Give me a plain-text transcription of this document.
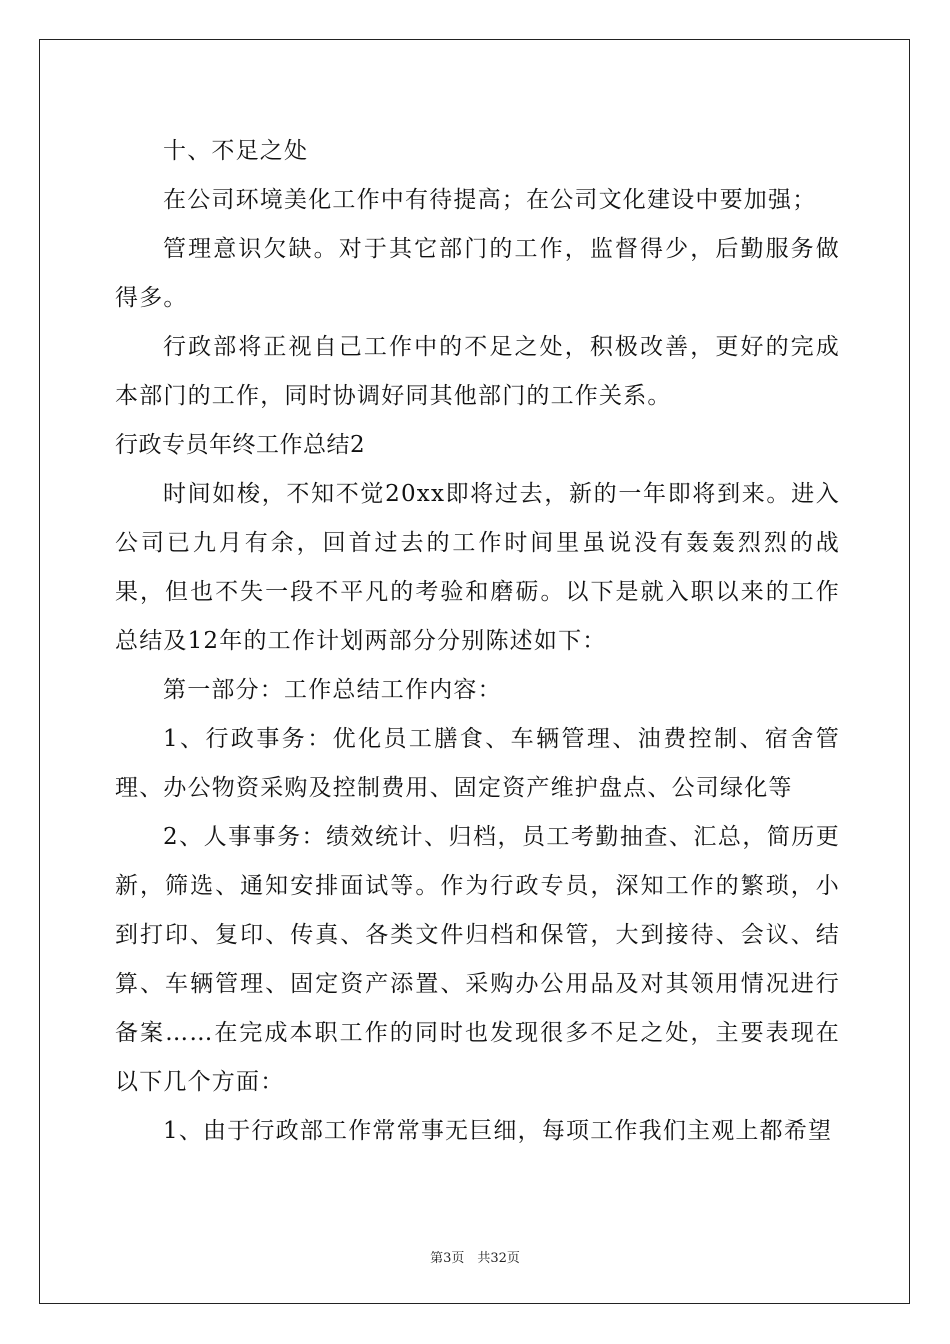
十、不足之处

在公司环境美化工作中有待提高；在公司文化建设中要加强；

管理意识欠缺。对于其它部门的工作，监督得少，后勤服务做得多。

行政部将正视自己工作中的不足之处，积极改善，更好的完成本部门的工作，同时协调好同其他部门的工作关系。

行政专员年终工作总结2

时间如梭，不知不觉20xx即将过去，新的一年即将到来。进入公司已九月有余，回首过去的工作时间里虽说没有轰轰烈烈的战果，但也不失一段不平凡的考验和磨砺。以下是就入职以来的工作总结及12年的工作计划两部分分别陈述如下：

第一部分：工作总结工作内容：

1、行政事务：优化员工膳食、车辆管理、油费控制、宿舍管理、办公物资采购及控制费用、固定资产维护盘点、公司绿化等

2、人事事务：绩效统计、归档，员工考勤抽查、汇总，简历更新，筛选、通知安排面试等。作为行政专员，深知工作的繁琐，小到打印、复印、传真、各类文件归档和保管，大到接待、会议、结算、车辆管理、固定资产添置、采购办公用品及对其领用情况进行备案……在完成本职工作的同时也发现很多不足之处，主要表现在以下几个方面：

1、由于行政部工作常常事无巨细，每项工作我们主观上都希望

第3页　共32页
